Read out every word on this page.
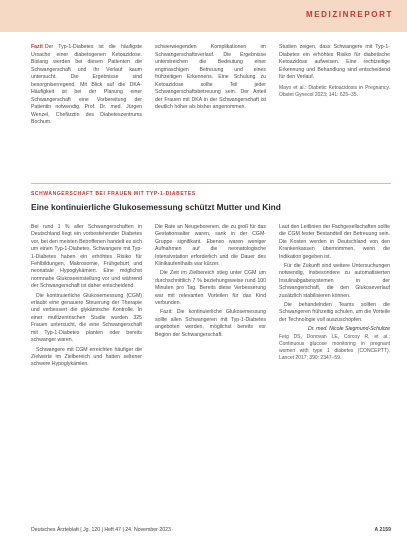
MEDIZINREPORT

Fazit Der Typ-1-Diabetes ist die häufigste Ursache einer diabetogenen Ketoazidose. Bislang werden bei diesen Patienten die Schwangerschaft und ihr Verlauf kaum untersucht. Die Ergebnisse sind besorgniserregend. Mit Blick auf die DKA-Häufigkeit ist bei der Planung einer Schwangerschaft eine Vorbereitung der Patientin notwendig. Prof. Dr. med. Jürgen Wenzel, Chefärztin des Diabeteszentrums Bochum.

schwerwiegenden Komplikationen im Schwangerschaftsverlauf. Die Ergebnisse unterstreichen die Bedeutung einer engmaschigen Betreuung und eines frühzeitigen Erkennens. Eine Schulung zu Ketoazidose sollte Teil jeder Schwangerschaftsbetreuung sein. Der Anteil der Frauen mit DKA in der Schwangerschaft ist deutlich höher als bisher angenommen.

Studien zeigen, dass Schwangere mit Typ-1-Diabetes ein erhöhtes Risiko für diabetische Ketoazidose aufweisen. Eine rechtzeitige Erkennung und Behandlung sind entscheidend für den Verlauf.

Mayo et al.: Diabetic Ketoacidosis in Pregnancy. Obstet Gynecol 2023; 141: 625–35.

SCHWANGERSCHAFT BEI FRAUEN MIT TYP-1-DIABETES
Eine kontinuierliche Glukosemessung schützt Mutter und Kind

Bei rund 1 % aller Schwangerschaften in Deutschland liegt ein vorbestehender Diabetes vor, bei den meisten Betroffenen handelt es sich um einen Typ-1-Diabetes. Schwangere mit Typ-1-Diabetes haben ein erhöhtes Risiko für Fehlbildungen, Makrosomie, Frühgeburt und neonatale Hypoglykämien. Eine möglichst normnahe Glukoseeinstellung vor und während der Schwangerschaft ist daher entscheidend.

Die kontinuierliche Glukosemessung (CGM) erlaubt eine genauere Steuerung der Therapie und verbessert die glykämische Kontrolle. In einer multizentrischen Studie wurden 325 Frauen untersucht, die eine Schwangerschaft mit Typ-1-Diabetes planten oder bereits schwanger waren.

Schwangere mit CGM erreichten häufiger die Zielwerte im Zielbereich und hatten seltener schwere Hypoglykämien.

Die Rate an Neugeborenen, die zu groß für das Gestationsalter waren, sank in der CGM-Gruppe signifikant. Ebenso waren weniger Aufnahmen auf die neonatologische Intensivstation erforderlich und die Dauer des Klinikaufenthalts war kürzer.

Die Zeit im Zielbereich stieg unter CGM um durchschnittlich 7 % beziehungsweise rund 100 Minuten pro Tag. Bereits diese Verbesserung war mit relevanten Vorteilen für das Kind verbunden.

Fazit: Die kontinuierliche Glukosemessung sollte allen Schwangeren mit Typ-1-Diabetes angeboten werden, möglichst bereits vor Beginn der Schwangerschaft.

Laut den Leitlinien der Fachgesellschaften sollte die CGM fester Bestandteil der Betreuung sein. Die Kosten werden in Deutschland von den Krankenkassen übernommen, wenn die Indikation gegeben ist.

Für die Zukunft sind weitere Untersuchungen notwendig, insbesondere zu automatisierten Insulinabgabesystemen in der Schwangerschaft, die den Glukoseverlauf zusätzlich stabilisieren können.

Die behandelnden Teams sollten die Schwangeren frühzeitig schulen, um die Vorteile der Technologie voll auszuschöpfen.

Dr. med. Nicole Siegmund-Schultze

Feig DS, Donovan LE, Corcoy R, et al.: Continuous glucose monitoring in pregnant women with type 1 diabetes (CONCEPTT). Lancet 2017; 390: 2347–59.

Deutsches Ärzteblatt | Jg. 120 | Heft 47 | 24. November 2023	A 2159
